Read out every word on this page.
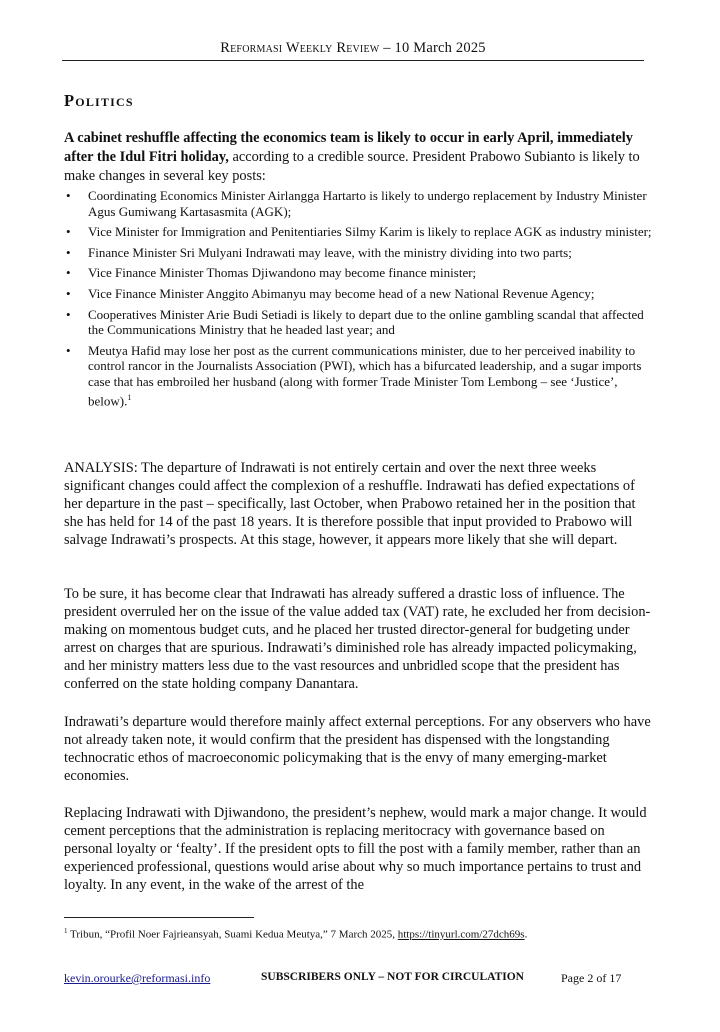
Reformasi Weekly Review – 10 March 2025
Politics
A cabinet reshuffle affecting the economics team is likely to occur in early April, immediately after the Idul Fitri holiday, according to a credible source. President Prabowo Subianto is likely to make changes in several key posts:
• Coordinating Economics Minister Airlangga Hartarto is likely to undergo replacement by Industry Minister Agus Gumiwang Kartasasmita (AGK);
• Vice Minister for Immigration and Penitentiaries Silmy Karim is likely to replace AGK as industry minister;
• Finance Minister Sri Mulyani Indrawati may leave, with the ministry dividing into two parts;
• Vice Finance Minister Thomas Djiwandono may become finance minister;
• Vice Finance Minister Anggito Abimanyu may become head of a new National Revenue Agency;
• Cooperatives Minister Arie Budi Setiadi is likely to depart due to the online gambling scandal that affected the Communications Ministry that he headed last year; and
• Meutya Hafid may lose her post as the current communications minister, due to her perceived inability to control rancor in the Journalists Association (PWI), which has a bifurcated leadership, and a sugar imports case that has embroiled her husband (along with former Trade Minister Tom Lembong – see ‘Justice’, below).$^1$
ANALYSIS: The departure of Indrawati is not entirely certain and over the next three weeks significant changes could affect the complexion of a reshuffle. Indrawati has defied expectations of her departure in the past – specifically, last October, when Prabowo retained her in the position that she has held for 14 of the past 18 years. It is therefore possible that input provided to Prabowo will salvage Indrawati’s prospects. At this stage, however, it appears more likely that she will depart.
To be sure, it has become clear that Indrawati has already suffered a drastic loss of influence. The president overruled her on the issue of the value added tax (VAT) rate, he excluded her from decision-making on momentous budget cuts, and he placed her trusted director-general for budgeting under arrest on charges that are spurious. Indrawati’s diminished role has already impacted policymaking, and her ministry matters less due to the vast resources and unbridled scope that the president has conferred on the state holding company Danantara.
Indrawati’s departure would therefore mainly affect external perceptions. For any observers who have not already taken note, it would confirm that the president has dispensed with the longstanding technocratic ethos of macroeconomic policymaking that is the envy of many emerging-market economies.
Replacing Indrawati with Djiwandono, the president’s nephew, would mark a major change. It would cement perceptions that the administration is replacing meritocracy with governance based on personal loyalty or ‘fealty’. If the president opts to fill the post with a family member, rather than an experienced professional, questions would arise about why so much importance pertains to trust and loyalty. In any event, in the wake of the arrest of the
$^1$ Tribun, “Profil Noer Fajrieansyah, Suami Kedua Meutya,” 7 March 2025, https://tinyurl.com/27dch69s.
kevin.orourke@reformasi.info	SUBSCRIBERS ONLY – NOT FOR CIRCULATION	Page 2 of 17
